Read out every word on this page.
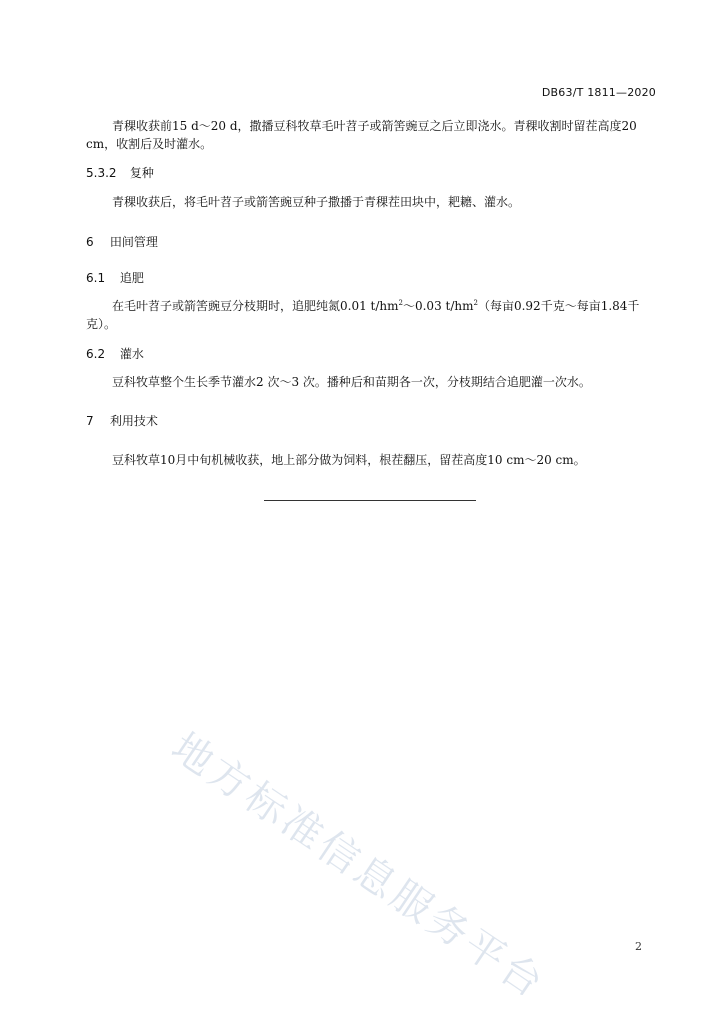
DB63/T 1811—2020
青稞收获前15 d～20 d，撒播豆科牧草毛叶苕子或箭筈豌豆之后立即浇水。青稞收割时留茬高度20 cm，收割后及时灌水。
5.3.2 复种
青稞收获后，将毛叶苕子或箭筈豌豆种子撒播于青稞茬田块中，耙耱、灌水。
6 田间管理
6.1 追肥
在毛叶苕子或箭筈豌豆分枝期时，追肥纯氮0.01 $t/hm^2\sim 0.03$ $t/hm^2$（每亩0.92千克～每亩1.84千克）。
6.2 灌水
豆科牧草整个生长季节灌水2 次～3 次。播种后和苗期各一次，分枝期结合追肥灌一次水。
7 利用技术
豆科牧草10月中旬机械收获，地上部分做为饲料，根茬翻压，留茬高度10 cm～20 cm。
地方标准信息服务平台	2
